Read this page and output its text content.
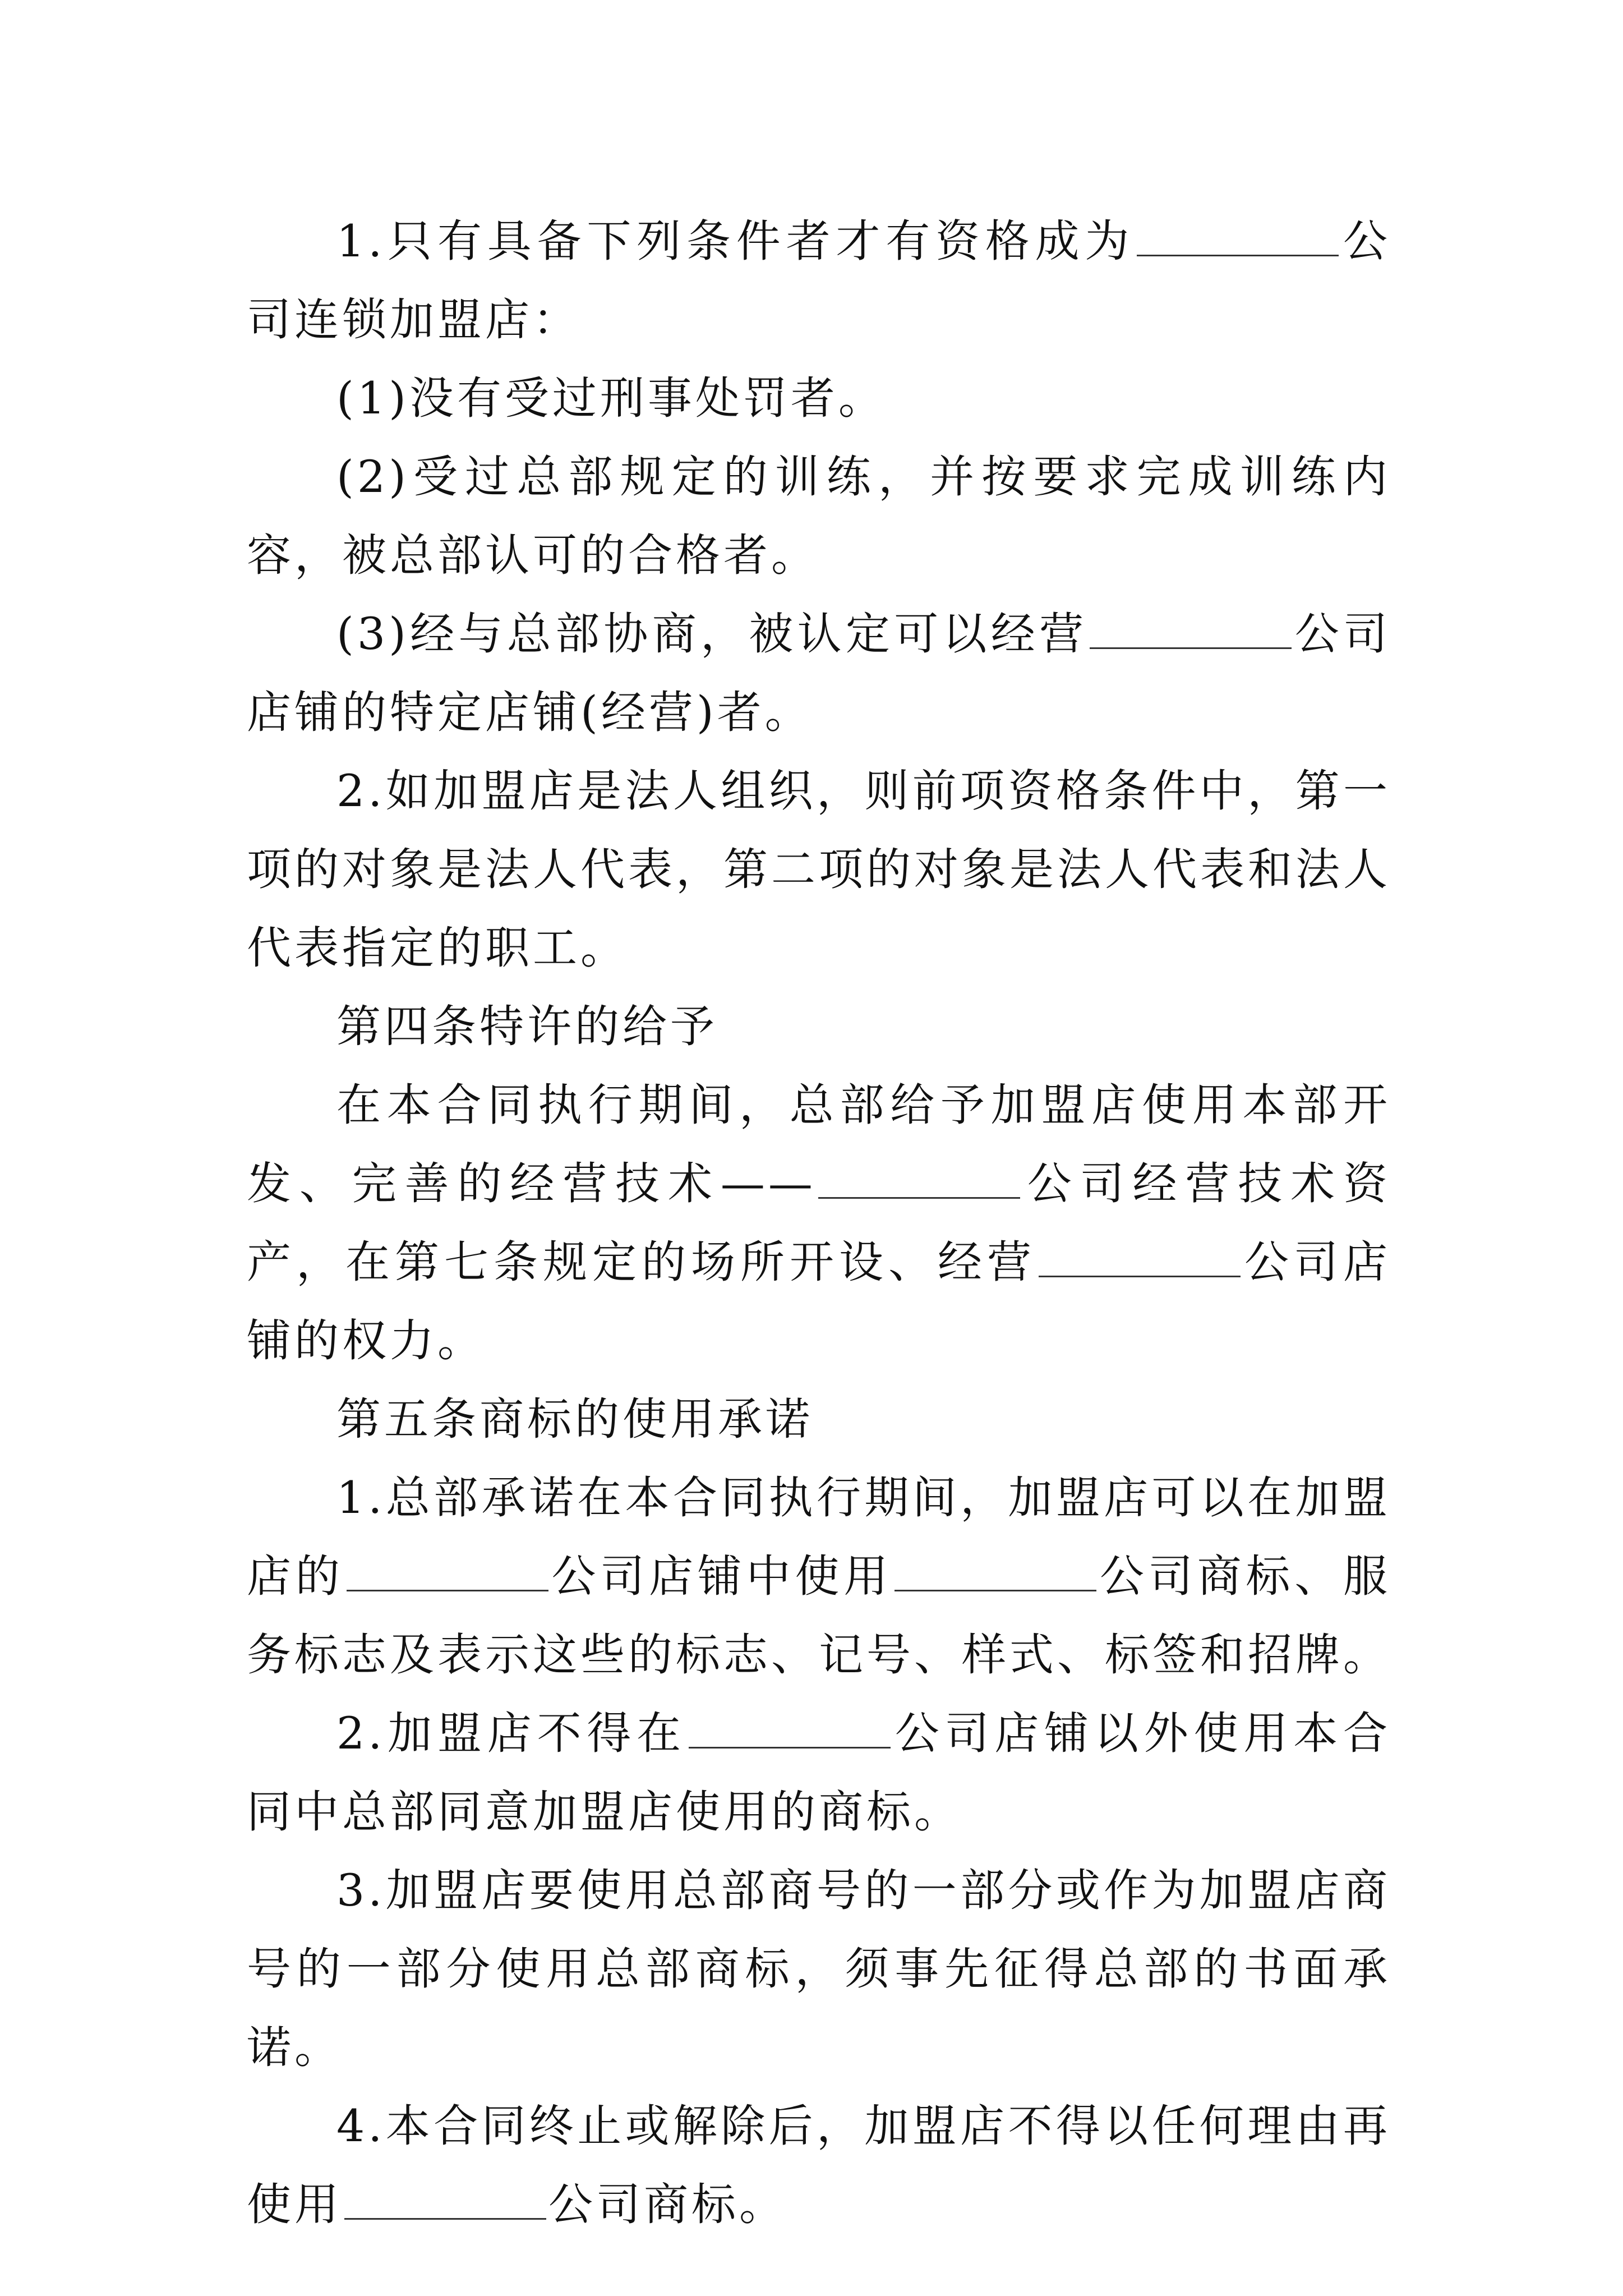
1.只有具备下列条件者才有资格成为	公司连锁加盟店：

(1)没有受过刑事处罚者。

(2)受过总部规定的训练，并按要求完成训练内容，被总部认可的合格者。

(3)经与总部协商，被认定可以经营	公司店铺的特定店铺(经营)者。

2.如加盟店是法人组织，则前项资格条件中，第一项的对象是法人代表，第二项的对象是法人代表和法人代表指定的职工。

第四条特许的给予

在本合同执行期间，总部给予加盟店使用本部开发、完善的经营技术——	公司经营技术资产，在第七条规定的场所开设、经营	公司店铺的权力。

第五条商标的使用承诺

1.总部承诺在本合同执行期间，加盟店可以在加盟店的	公司店铺中使用	公司商标、服务标志及表示这些的标志、记号、样式、标签和招牌。

2.加盟店不得在	公司店铺以外使用本合同中总部同意加盟店使用的商标。

3.加盟店要使用总部商号的一部分或作为加盟店商号的一部分使用总部商标，须事先征得总部的书面承诺。

4.本合同终止或解除后，加盟店不得以任何理由再使用	公司商标。
